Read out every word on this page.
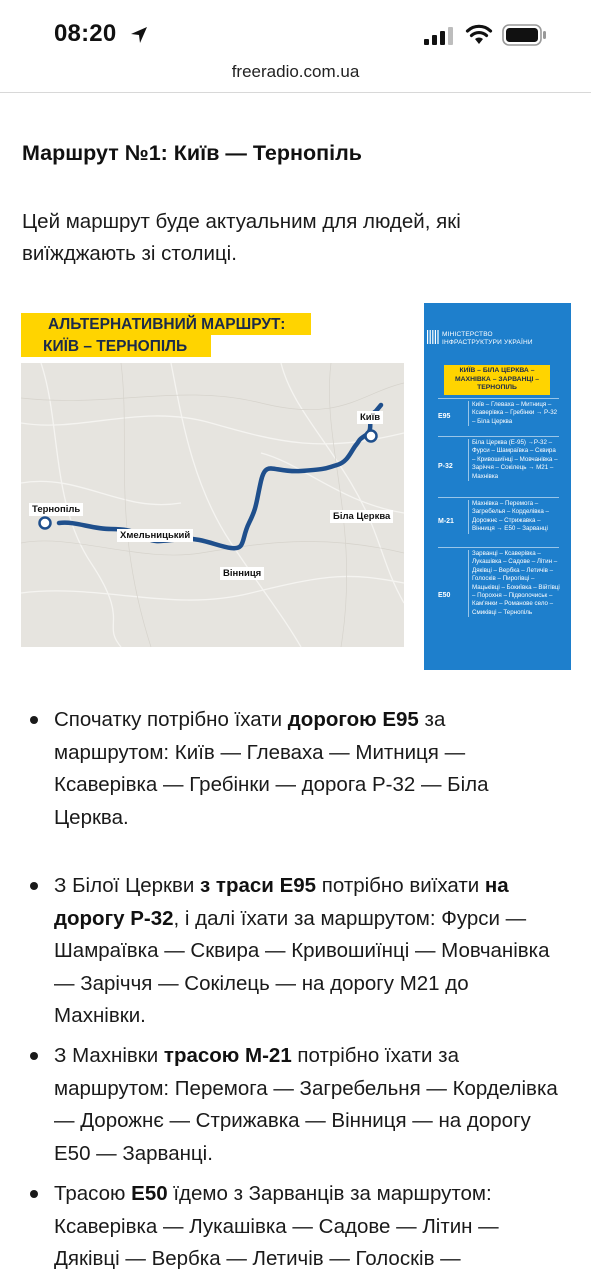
08:20
freeradio.com.ua
Маршрут №1: Київ — Тернопіль

Цей маршрут буде актуальним для людей, які виїжджають зі столиці.

АЛЬТЕРНАТИВНИЙ МАРШРУТ:
КИЇВ – ТЕРНОПІЛЬ
Київ
Тернопіль
Хмельницький
Вінниця
Біла Церква
МІНІСТЕРСТВО
ІНФРАСТРУКТУРИ УКРАЇНИ
КИЇВ – БІЛА ЦЕРКВА – МАХНІВКА – ЗАРВАНЦІ – ТЕРНОПІЛЬ
E95
Київ – Глеваха – Митниця – Ксаверівка – Гребінки → Р-32 – Біла Церква
P-32
Біла Церква (Е-95) →Р-32 – Фурси – Шамраївка – Сквира – Кривошиїнці – Мовчанівка – Заріччя – Сокілець → М21 – Махнівка
M-21
Махнівка – Перемога – Загребелья – Корделівка – Дорожнє – Стрижавка – Вінниця → Е50 – Зарванці
E50
Зарванці – Ксаверівка – Лукашівка – Садове – Літин – Дяківці – Вербка – Летичів – Голосків – Пирогівці – Мацьківці – Бокиївка – Війтівці – Порохня – Підволочиськ – Кам'янки – Романове село – Смиківці – Тернопіль
Спочатку потрібно їхати дорогою Е95 за маршрутом: Київ — Глеваха — Митниця — Ксаверівка — Гребінки — дорога Р-32 — Біла Церква.
З Білої Церкви з траси Е95 потрібно виїхати на дорогу Р-32, і далі їхати за маршрутом: Фурси — Шамраївка — Сквира — Кривошиїнці — Мовчанівка — Заріччя — Сокілець — на дорогу М21 до Махнівки.
З Махнівки трасою М-21 потрібно їхати за маршрутом: Перемога — Загребельня — Корделівка — Дорожнє — Стрижавка — Вінниця — на дорогу Е50 — Зарванці.
Трасою Е50 їдемо з Зарванців за маршрутом: Ксаверівка — Лукашівка — Садове — Літин — Дяківці — Вербка — Летичів — Голосків —
